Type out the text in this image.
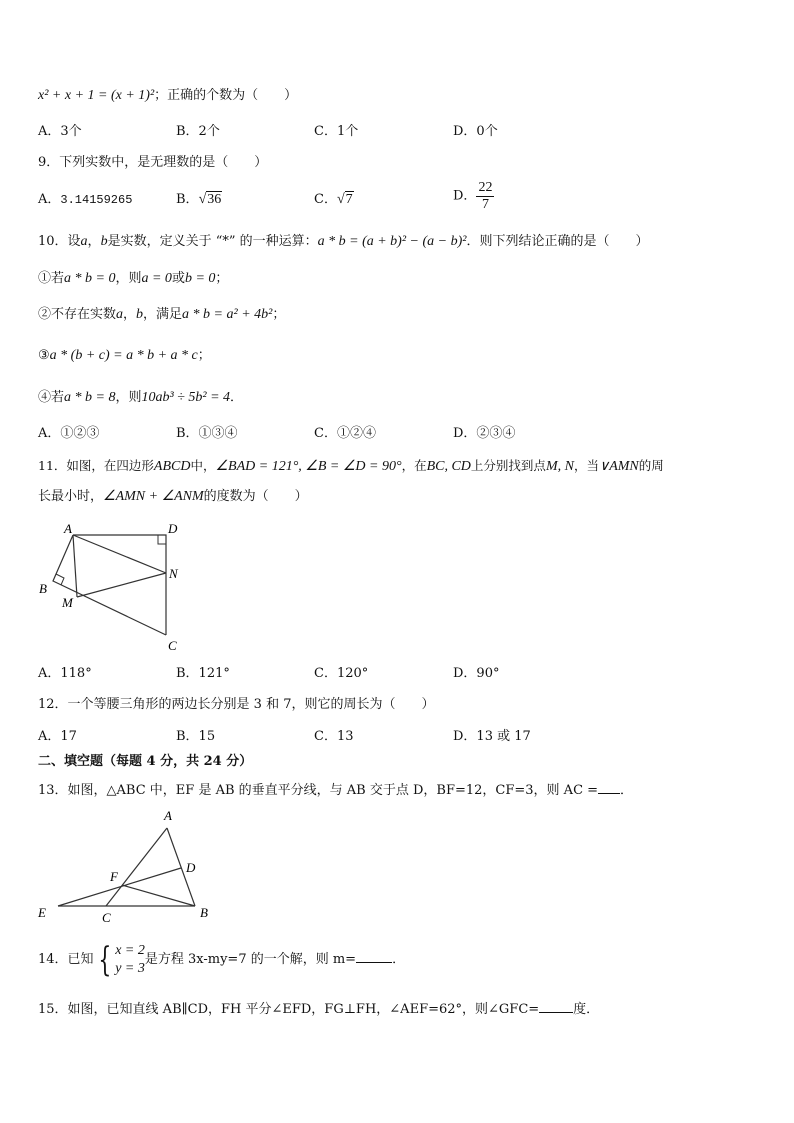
x² + x + 1 = (x + 1)²；正确的个数为（　　）
A．3个	B．2个	C．1个	D．0个
9．下列实数中，是无理数的是（　　）
A．3.14159265	B．√36	C．√7	D． $\frac{22}{7}$
10．设a，b是实数，定义关于 “*” 的一种运算：a * b = (a + b)² − (a − b)²．则下列结论正确的是（　　）
①若a * b = 0，则a = 0或b = 0；
②不存在实数a，b，满足a * b = a² + 4b²；
③a * (b + c) = a * b + a * c；
④若a * b = 8，则10ab³ ÷ 5b² = 4．
A．①②③	B．①③④	C．①②④	D．②③④
11．如图，在四边形ABCD中，∠BAD = 121°, ∠B = ∠D = 90°，在BC, CD上分别找到点M, N，当∨AMN的周
长最小时，∠AMN + ∠ANM的度数为（　　）
A	D
N
B
M
C
A．118°	B．121°	C．120°	D．90°
12．一个等腰三角形的两边长分别是 3 和 7，则它的周长为（　　）
A．17	B．15	C．13	D．13 或 17
二、填空题（每题 4 分，共 24 分）
13．如图，△ABC 中，EF 是 AB 的垂直平分线，与 AB 交于点 D，BF=12，CF=3，则 AC = ．
A
D
F
E	C	B
14．已知 { x = 2
y = 3
是方程 3x-my=7 的一个解，则 m=	．
15．如图，已知直线 AB∥CD，FH 平分∠EFD，FG⊥FH，∠AEF=62°，则∠GFC=	度．
